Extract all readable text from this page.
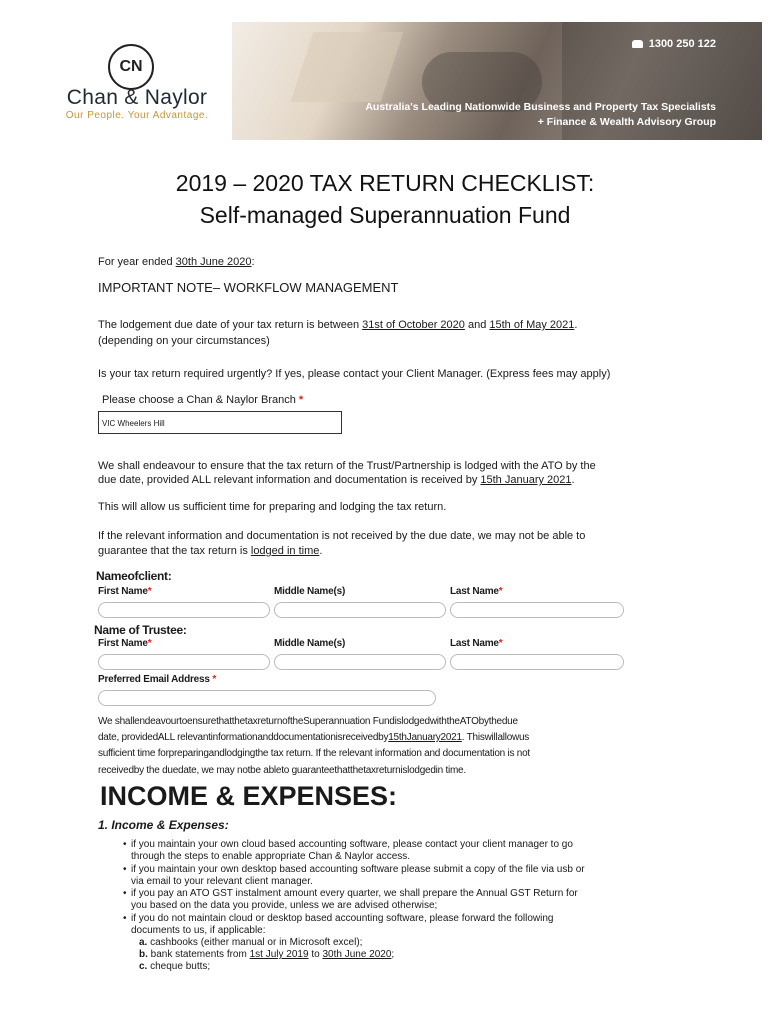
CN
Chan & Naylor
Our People. Your Advantage.
1300 250 122
Australia's Leading Nationwide Business and Property Tax Specialists
+ Finance & Wealth Advisory Group
2019 – 2020 TAX RETURN CHECKLIST:
Self-managed Superannuation Fund
For year ended 30th June 2020:
IMPORTANT NOTE– WORKFLOW MANAGEMENT
The lodgement due date of your tax return is between 31st of October 2020 and 15th of May 2021.
(depending on your circumstances)
Is your tax return required urgently? If yes, please contact your Client Manager. (Express fees may apply)
Please choose a Chan & Naylor Branch *
VIC Wheelers Hill
We shall endeavour to ensure that the tax return of the Trust/Partnership is lodged with the ATO by the
due date, provided ALL relevant information and documentation is received by 15th January 2021.
This will allow us sufficient time for preparing and lodging the tax return.
If the relevant information and documentation is not received by the due date, we may not be able to
guarantee that the tax return is lodged in time.
Nameofclient:
First Name*	Middle Name(s)	Last Name*
Name of Trustee:
First Name*	Middle Name(s)	Last Name*
Preferred Email Address *
We shallendeavourtoensurethatthetaxreturnoftheSuperannuation FundislodgedwiththeATObythedue
date, providedALL relevantinformationanddocumentationisreceivedby15thJanuary2021. Thiswillallowus
sufficient time forpreparingandlodgingthe tax return. If the relevant information and documentation is not
receivedby the duedate, we may notbe ableto guaranteethatthetaxreturnislodgedin time.
INCOME & EXPENSES:
1. Income & Expenses:
• if you maintain your own cloud based accounting software, please contact your client manager to go
through the steps to enable appropriate Chan & Naylor access.
• if you maintain your own desktop based accounting software please submit a copy of the file via usb or
via email to your relevant client manager.
• if you pay an ATO GST instalment amount every quarter, we shall prepare the Annual GST Return for
you based on the data you provide, unless we are advised otherwise;
• if you do not maintain cloud or desktop based accounting software, please forward the following
documents to us, if applicable:
a. cashbooks (either manual or in Microsoft excel);
b. bank statements from 1st July 2019 to 30th June 2020;
c. cheque butts;
